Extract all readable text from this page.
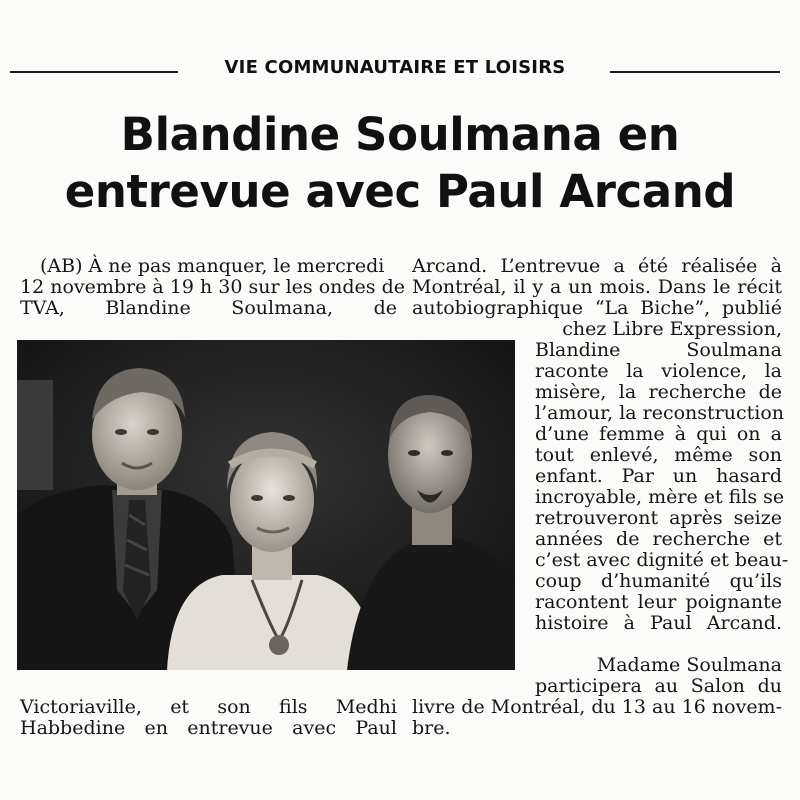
VIE COMMUNAUTAIRE ET LOISIRS
Blandine Soulmana en
entrevue avec Paul Arcand
(AB) À ne pas manquer, le mercredi
12 novembre à 19 h 30 sur les ondes de
TVA, Blandine Soulmana, de
Arcand. L’entrevue a été réalisée à
Montréal, il y a un mois. Dans le récit
autobiographique “La Biche”, publié
chez Libre Expression,
Blandine Soulmana
raconte la violence, la
misère, la recherche de
l’amour, la reconstruction
d’une femme à qui on a
tout enlevé, même son
enfant. Par un hasard
incroyable, mère et fils se
retrouveront après seize
années de recherche et
c’est avec dignité et beau-
coup d’humanité qu’ils
racontent leur poignante
histoire à Paul Arcand.
Madame Soulmana
participera au Salon du
livre de Montréal, du 13 au 16 novem-
bre.
Victoriaville, et son fils Medhi
Habbedine en entrevue avec Paul
